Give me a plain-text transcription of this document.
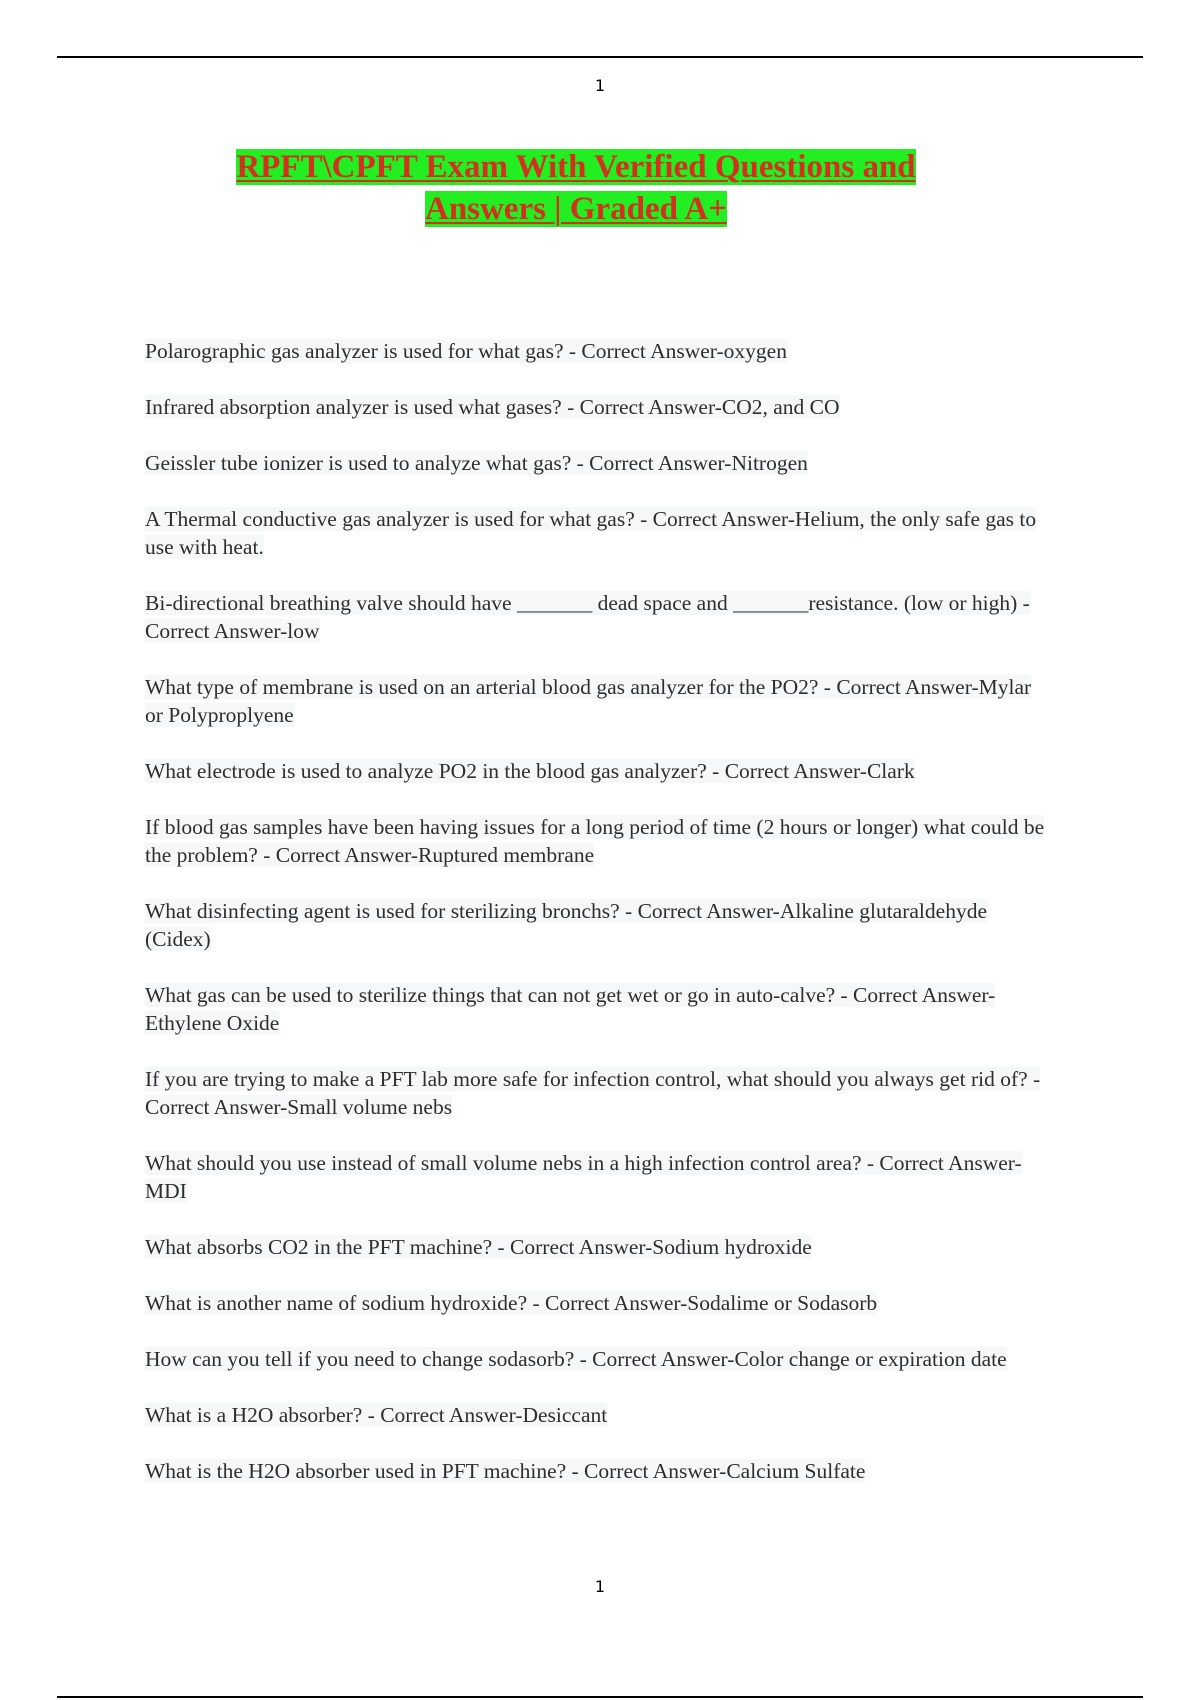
1
RPFT\CPFT Exam With Verified Questions and
Answers | Graded A+
Polarographic gas analyzer is used for what gas? - Correct Answer-oxygen
Infrared absorption analyzer is used what gases? - Correct Answer-CO2, and CO
Geissler tube ionizer is used to analyze what gas? - Correct Answer-Nitrogen
A Thermal conductive gas analyzer is used for what gas? - Correct Answer-Helium, the only safe gas to use with heat.
Bi-directional breathing valve should have _______ dead space and _______resistance. (low or high) - Correct Answer-low
What type of membrane is used on an arterial blood gas analyzer for the PO2? - Correct Answer-Mylar or Polyproplyene
What electrode is used to analyze PO2 in the blood gas analyzer? - Correct Answer-Clark
If blood gas samples have been having issues for a long period of time (2 hours or longer) what could be the problem? - Correct Answer-Ruptured membrane
What disinfecting agent is used for sterilizing bronchs? - Correct Answer-Alkaline glutaraldehyde (Cidex)
What gas can be used to sterilize things that can not get wet or go in auto-calve? - Correct Answer-Ethylene Oxide
If you are trying to make a PFT lab more safe for infection control, what should you always get rid of? - Correct Answer-Small volume nebs
What should you use instead of small volume nebs in a high infection control area? - Correct Answer-MDI
What absorbs CO2 in the PFT machine? - Correct Answer-Sodium hydroxide
What is another name of sodium hydroxide? - Correct Answer-Sodalime or Sodasorb
How can you tell if you need to change sodasorb? - Correct Answer-Color change or expiration date
What is a H2O absorber? - Correct Answer-Desiccant
What is the H2O absorber used in PFT machine? - Correct Answer-Calcium Sulfate
1
